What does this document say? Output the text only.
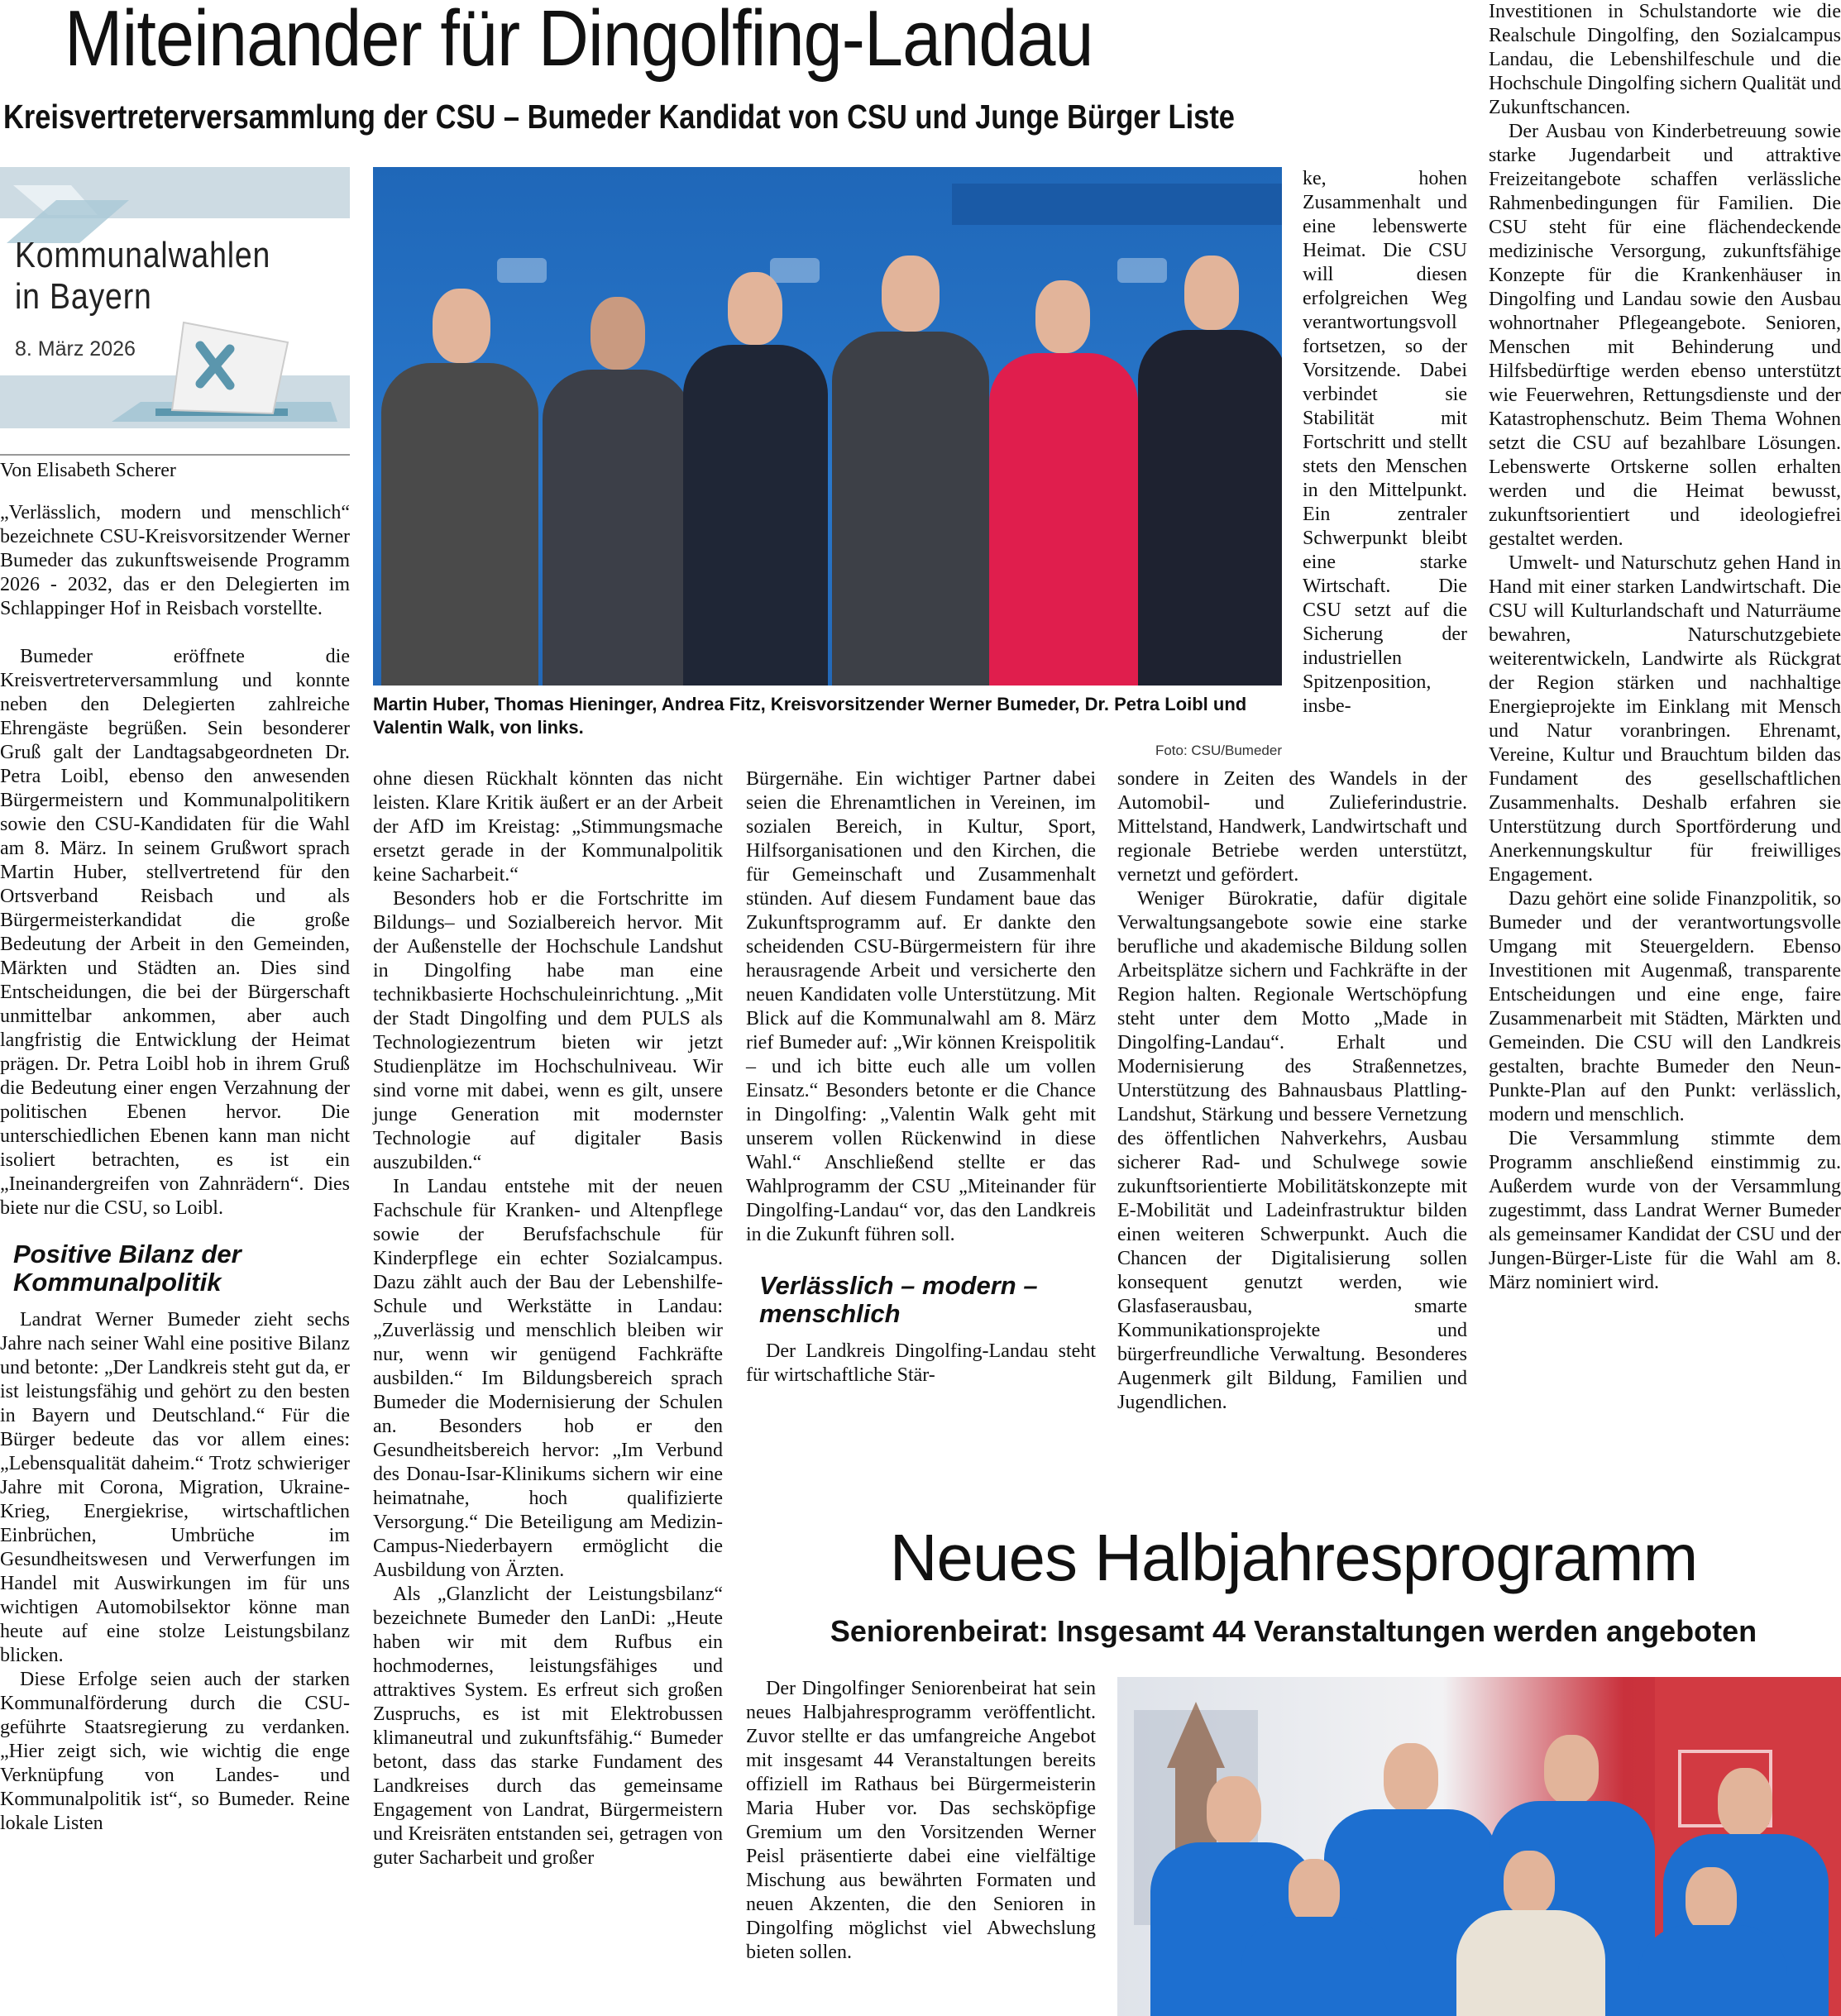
Miteinander für Dingolfing-Landau
Kreisvertreterversammlung der CSU – Bumeder Kandidat von CSU und Junge Bürger Liste
Kommunalwahlen
in Bayern
8. März 2026
Von Elisabeth Scherer

„Verlässlich, modern und menschlich“ bezeichnete CSU-Kreisvorsitzender Werner Bumeder das zukunftsweisende Programm 2026 - 2032, das er den Delegierten im Schlappinger Hof in Reisbach vorstellte.

Bumeder eröffnete die Kreisvertreterversammlung und konnte neben den Delegierten zahlreiche Ehrengäste begrüßen. Sein besonderer Gruß galt der Landtagsabgeordneten Dr. Petra Loibl, ebenso den anwesenden Bürgermeistern und Kommunalpolitikern sowie den CSU-Kandidaten für die Wahl am 8. März. In seinem Grußwort sprach Martin Huber, stellvertretend für den Ortsverband Reisbach und als Bürgermeisterkandidat die große Bedeutung der Arbeit in den Gemeinden, Märkten und Städten an. Dies sind Entscheidungen, die bei der Bürgerschaft unmittelbar ankommen, aber auch langfristig die Entwicklung der Heimat prägen. Dr. Petra Loibl hob in ihrem Gruß die Bedeutung einer engen Verzahnung der politischen Ebenen hervor. Die unterschiedlichen Ebenen kann man nicht isoliert betrachten, es ist ein „Ineinandergreifen von Zahnrädern“. Dies biete nur die CSU, so Loibl.

Positive Bilanz der Kommunalpolitik

Landrat Werner Bumeder zieht sechs Jahre nach seiner Wahl eine positive Bilanz und betonte: „Der Landkreis steht gut da, er ist leistungsfähig und gehört zu den besten in Bayern und Deutschland.“ Für die Bürger bedeute das vor allem eines: „Lebensqualität daheim.“ Trotz schwieriger Jahre mit Corona, Migration, Ukraine-Krieg, Energiekrise, wirtschaftlichen Einbrüchen, Umbrüche im Gesundheitswesen und Verwerfungen im Handel mit Auswirkungen im für uns wichtigen Automobilsektor könne man heute auf eine stolze Leistungsbilanz blicken.

Diese Erfolge seien auch der starken Kommunalförderung durch die CSU-geführte Staatsregierung zu verdanken. „Hier zeigt sich, wie wichtig die enge Verknüpfung von Landes- und Kommunalpolitik ist“, so Bumeder. Reine lokale Listen

Martin Huber, Thomas Hieninger, Andrea Fitz, Kreisvorsitzender Werner Bumeder, Dr. Petra Loibl und Valentin Walk, von links.
Foto: CSU/Bumeder

ohne diesen Rückhalt könnten das nicht leisten. Klare Kritik äußert er an der Arbeit der AfD im Kreistag: „Stimmungsmache ersetzt gerade in der Kommunalpolitik keine Sacharbeit.“

Besonders hob er die Fortschritte im Bildungs– und Sozialbereich hervor. Mit der Außenstelle der Hochschule Landshut in Dingolfing habe man eine technikbasierte Hochschuleinrichtung. „Mit der Stadt Dingolfing und dem PULS als Technologiezentrum bieten wir jetzt Studienplätze im Hochschulniveau. Wir sind vorne mit dabei, wenn es gilt, unsere junge Generation mit modernster Technologie auf digitaler Basis auszubilden.“

In Landau entstehe mit der neuen Fachschule für Kranken- und Altenpflege sowie der Berufsfachschule für Kinderpflege ein echter Sozialcampus. Dazu zählt auch der Bau der Lebenshilfe-Schule und Werkstätte in Landau: „Zuverlässig und menschlich bleiben wir nur, wenn wir genügend Fachkräfte ausbilden.“ Im Bildungsbereich sprach Bumeder die Modernisierung der Schulen an. Besonders hob er den Gesundheitsbereich hervor: „Im Verbund des Donau-Isar-Klinikums sichern wir eine heimatnahe, hoch qualifizierte Versorgung.“ Die Beteiligung am Medizin-Campus-Niederbayern ermöglicht die Ausbildung von Ärzten.

Als „Glanzlicht der Leistungsbilanz“ bezeichnete Bumeder den LanDi: „Heute haben wir mit dem Rufbus ein hochmodernes, leistungsfähiges und attraktives System. Es erfreut sich großen Zuspruchs, es ist mit Elektrobussen klimaneutral und zukunftsfähig.“ Bumeder betont, dass das starke Fundament des Landkreises durch das gemeinsame Engagement von Landrat, Bürgermeistern und Kreisräten entstanden sei, getragen von guter Sacharbeit und großer

Bürgernähe. Ein wichtiger Partner dabei seien die Ehrenamtlichen in Vereinen, im sozialen Bereich, in Kultur, Sport, Hilfsorganisationen und den Kirchen, die für Gemeinschaft und Zusammenhalt stünden. Auf diesem Fundament baue das Zukunftsprogramm auf. Er dankte den scheidenden CSU-Bürgermeistern für ihre herausragende Arbeit und versicherte den neuen Kandidaten volle Unterstützung. Mit Blick auf die Kommunalwahl am 8. März rief Bumeder auf: „Wir können Kreispolitik – und ich bitte euch alle um vollen Einsatz.“ Besonders betonte er die Chance in Dingolfing: „Valentin Walk geht mit unserem vollen Rückenwind in diese Wahl.“ Anschließend stellte er das Wahlprogramm der CSU „Miteinander für Dingolfing-Landau“ vor, das den Landkreis in die Zukunft führen soll.

Verlässlich – modern – menschlich

Der Landkreis Dingolfing-Landau steht für wirtschaftliche Stär-

ke, hohen Zusammenhalt und eine lebenswerte Heimat. Die CSU will diesen erfolgreichen Weg verantwortungsvoll fortsetzen, so der Vorsitzende. Dabei verbindet sie Stabilität mit Fortschritt und stellt stets den Menschen in den Mittelpunkt. Ein zentraler Schwerpunkt bleibt eine starke Wirtschaft. Die CSU setzt auf die Sicherung der industriellen Spitzenposition, insbe-

sondere in Zeiten des Wandels in der Automobil- und Zulieferindustrie. Mittelstand, Handwerk, Landwirtschaft und regionale Betriebe werden unterstützt, vernetzt und gefördert.

Weniger Bürokratie, dafür digitale Verwaltungsangebote sowie eine starke berufliche und akademische Bildung sollen Arbeitsplätze sichern und Fachkräfte in der Region halten. Regionale Wertschöpfung steht unter dem Motto „Made in Dingolfing-Landau“. Erhalt und Modernisierung des Straßennetzes, Unterstützung des Bahnausbaus Plattling-Landshut, Stärkung und bessere Vernetzung des öffentlichen Nahverkehrs, Ausbau sicherer Rad- und Schulwege sowie zukunftsorientierte Mobilitätskonzepte mit E-Mobilität und Ladeinfrastruktur bilden einen weiteren Schwerpunkt. Auch die Chancen der Digitalisierung sollen konsequent genutzt werden, wie Glasfaserausbau, smarte Kommunikationsprojekte und bürgerfreundliche Verwaltung. Besonderes Augenmerk gilt Bildung, Familien und Jugendlichen.

Investitionen in Schulstandorte wie die Realschule Dingolfing, den Sozialcampus Landau, die Lebenshilfeschule und die Hochschule Dingolfing sichern Qualität und Zukunftschancen.

Der Ausbau von Kinderbetreuung sowie starke Jugendarbeit und attraktive Freizeitangebote schaffen verlässliche Rahmenbedingungen für Familien. Die CSU steht für eine flächendeckende medizinische Versorgung, zukunftsfähige Konzepte für die Krankenhäuser in Dingolfing und Landau sowie den Ausbau wohnortnaher Pflegeangebote. Senioren, Menschen mit Behinderung und Hilfsbedürftige werden ebenso unterstützt wie Feuerwehren, Rettungsdienste und der Katastrophenschutz. Beim Thema Wohnen setzt die CSU auf bezahlbare Lösungen. Lebenswerte Ortskerne sollen erhalten werden und die Heimat bewusst, zukunftsorientiert und ideologiefrei gestaltet werden.

Umwelt- und Naturschutz gehen Hand in Hand mit einer starken Landwirtschaft. Die CSU will Kulturlandschaft und Naturräume bewahren, Naturschutzgebiete weiterentwickeln, Landwirte als Rückgrat der Region stärken und nachhaltige Energieprojekte im Einklang mit Mensch und Natur voranbringen. Ehrenamt, Vereine, Kultur und Brauchtum bilden das Fundament des gesellschaftlichen Zusammenhalts. Deshalb erfahren sie Unterstützung durch Sportförderung und Anerkennungskultur für freiwilliges Engagement.

Dazu gehört eine solide Finanzpolitik, so Bumeder und der verantwortungsvolle Umgang mit Steuergeldern. Ebenso Investitionen mit Augenmaß, transparente Entscheidungen und eine enge, faire Zusammenarbeit mit Städten, Märkten und Gemeinden. Die CSU will den Landkreis gestalten, brachte Bumeder den Neun-Punkte-Plan auf den Punkt: verlässlich, modern und menschlich.

Die Versammlung stimmte dem Programm anschließend einstimmig zu. Außerdem wurde von der Versammlung zugestimmt, dass Landrat Werner Bumeder als gemeinsamer Kandidat der CSU und der Jungen-Bürger-Liste für die Wahl am 8. März nominiert wird.

Neues Halbjahresprogramm
Seniorenbeirat: Insgesamt 44 Veranstaltungen werden angeboten

Der Dingolfinger Seniorenbeirat hat sein neues Halbjahresprogramm veröffentlicht. Zuvor stellte er das umfangreiche Angebot mit insgesamt 44 Veranstaltungen bereits offiziell im Rathaus bei Bürgermeisterin Maria Huber vor. Das sechsköpfige Gremium um den Vorsitzenden Werner Peisl präsentierte dabei eine vielfältige Mischung aus bewährten Formaten und neuen Akzenten, die den Senioren in Dingolfing möglichst viel Abwechslung bieten sollen.
